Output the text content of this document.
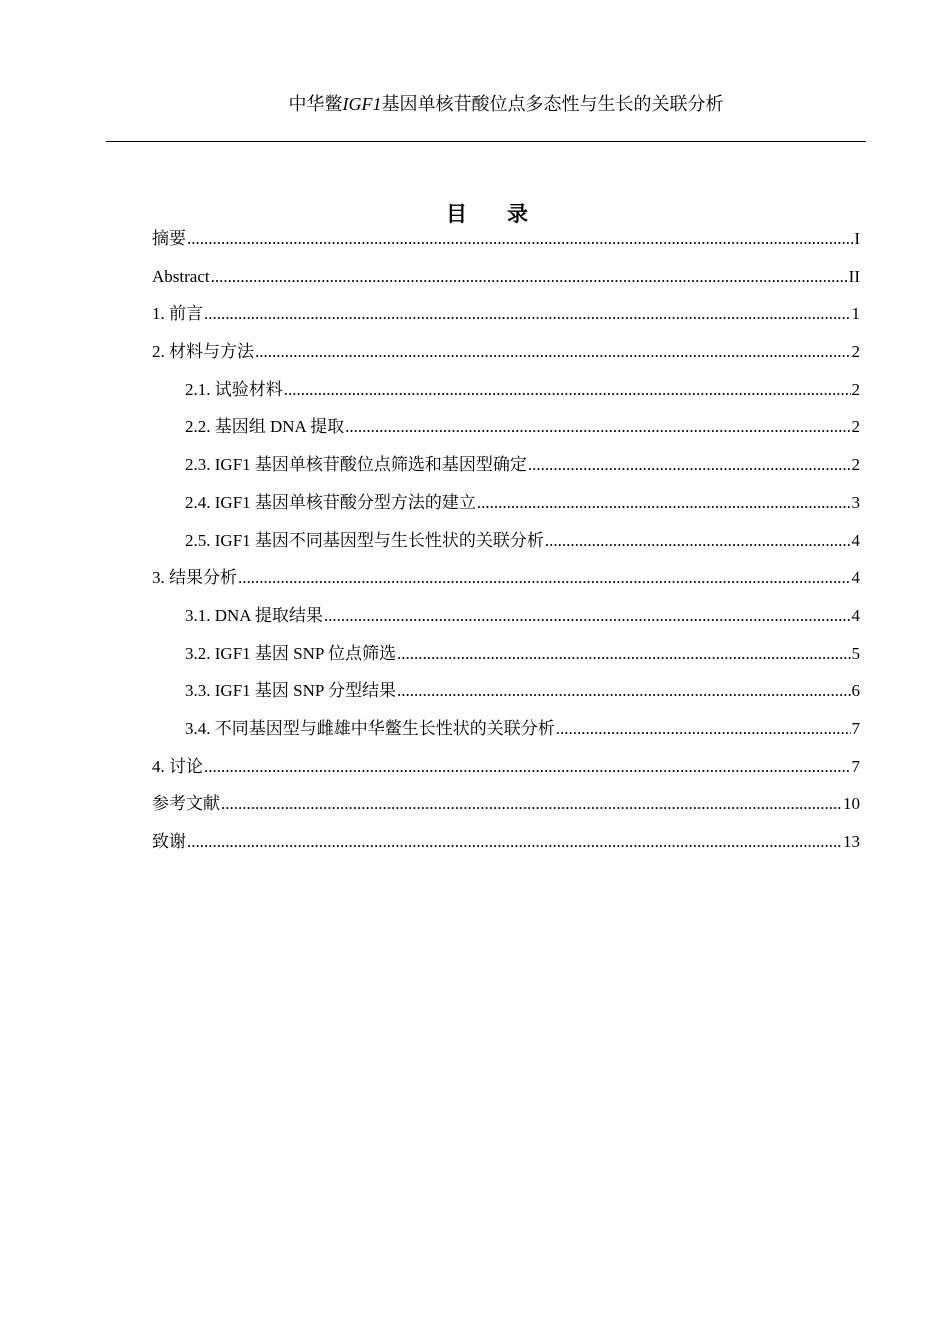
中华鳖IGF1基因单核苷酸位点多态性与生长的关联分析
目录
摘要 .....	I
Abstract .....	II
1. 前言 .....	1
2. 材料与方法 .....	2
2.1. 试验材料 .....	2
2.2. 基因组 DNA 提取 .....	2
2.3. IGF1 基因单核苷酸位点筛选和基因型确定 .....	2
2.4. IGF1 基因单核苷酸分型方法的建立 .....	3
2.5. IGF1 基因不同基因型与生长性状的关联分析 .....	4
3. 结果分析 .....	4
3.1. DNA 提取结果 .....	4
3.2. IGF1 基因 SNP 位点筛选 .....	5
3.3. IGF1 基因 SNP 分型结果 .....	6
3.4. 不同基因型与雌雄中华鳖生长性状的关联分析 .....	7
4. 讨论 .....	7
参考文献 .....	10
致谢 .....	13
